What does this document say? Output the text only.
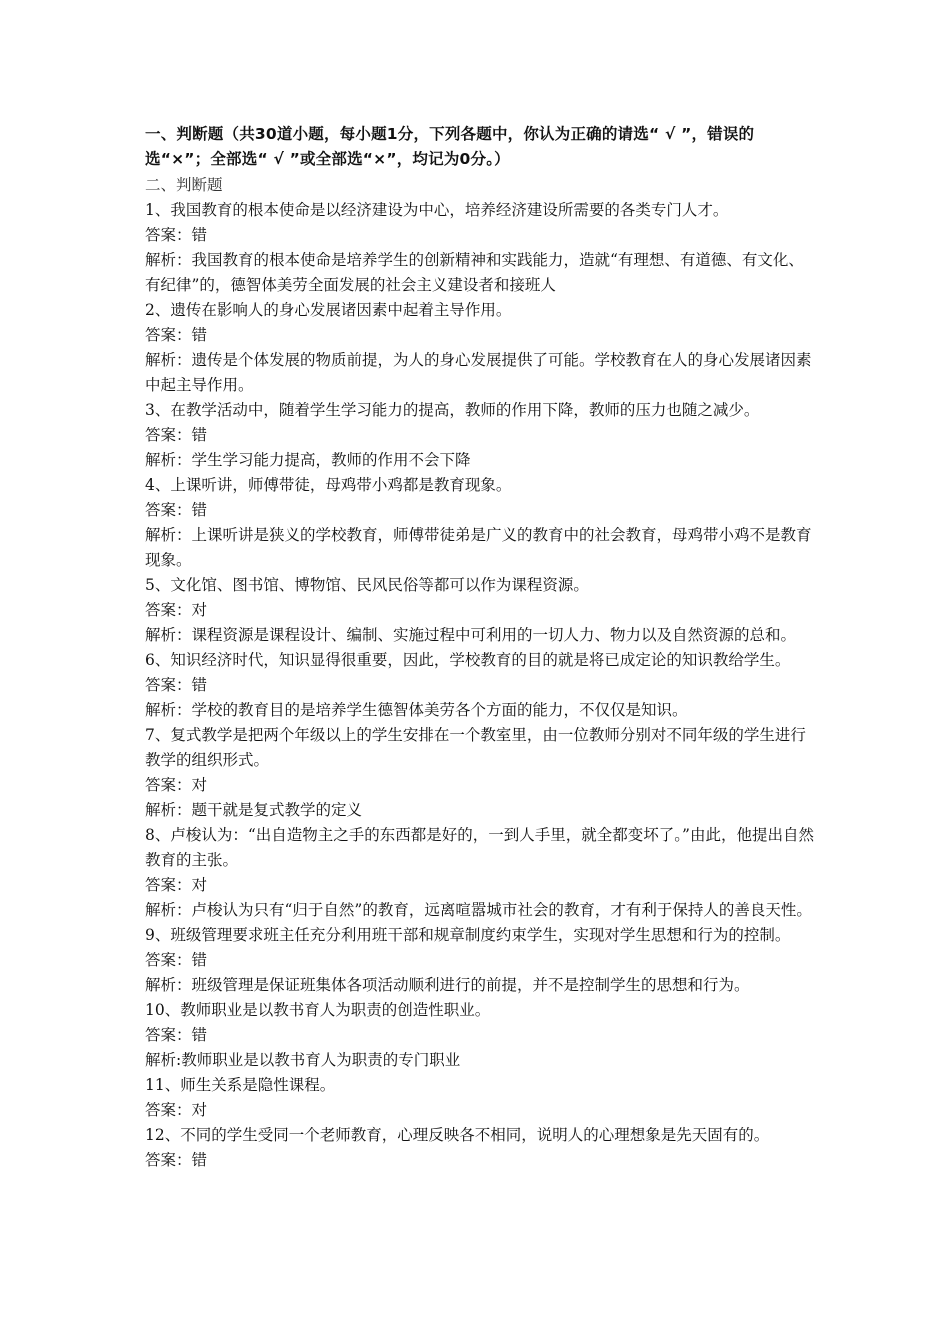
一、判断题（共30道小题，每小题1分，下列各题中，你认为正确的请选“ √ ”，错误的选“×”；全部选“ √ ”或全部选“×”，均记为0分。）
二、判断题
1、我国教育的根本使命是以经济建设为中心，培养经济建设所需要的各类专门人才。
答案：错
解析：我国教育的根本使命是培养学生的创新精神和实践能力，造就“有理想、有道德、有文化、有纪律”的，德智体美劳全面发展的社会主义建设者和接班人
2、遗传在影响人的身心发展诸因素中起着主导作用。
答案：错
解析：遗传是个体发展的物质前提，为人的身心发展提供了可能。学校教育在人的身心发展诸因素中起主导作用。
3、在教学活动中，随着学生学习能力的提高，教师的作用下降，教师的压力也随之减少。
答案：错
解析：学生学习能力提高，教师的作用不会下降
4、上课听讲，师傅带徒，母鸡带小鸡都是教育现象。
答案：错
解析：上课听讲是狭义的学校教育，师傅带徒弟是广义的教育中的社会教育，母鸡带小鸡不是教育现象。
5、文化馆、图书馆、博物馆、民风民俗等都可以作为课程资源。
答案：对
解析：课程资源是课程设计、编制、实施过程中可利用的一切人力、物力以及自然资源的总和。
6、知识经济时代，知识显得很重要，因此，学校教育的目的就是将已成定论的知识教给学生。
答案：错
解析：学校的教育目的是培养学生德智体美劳各个方面的能力，不仅仅是知识。
7、复式教学是把两个年级以上的学生安排在一个教室里，由一位教师分别对不同年级的学生进行教学的组织形式。
答案：对
解析：题干就是复式教学的定义
8、卢梭认为：“出自造物主之手的东西都是好的，一到人手里，就全都变坏了。”由此，他提出自然教育的主张。
答案：对
解析：卢梭认为只有“归于自然”的教育，远离喧嚣城市社会的教育，才有利于保持人的善良天性。
9、班级管理要求班主任充分利用班干部和规章制度约束学生，实现对学生思想和行为的控制。
答案：错
解析：班级管理是保证班集体各项活动顺利进行的前提，并不是控制学生的思想和行为。
10、教师职业是以教书育人为职责的创造性职业。
答案：错
解析:教师职业是以教书育人为职责的专门职业
11、师生关系是隐性课程。
答案：对
12、不同的学生受同一个老师教育，心理反映各不相同，说明人的心理想象是先天固有的。
答案：错
